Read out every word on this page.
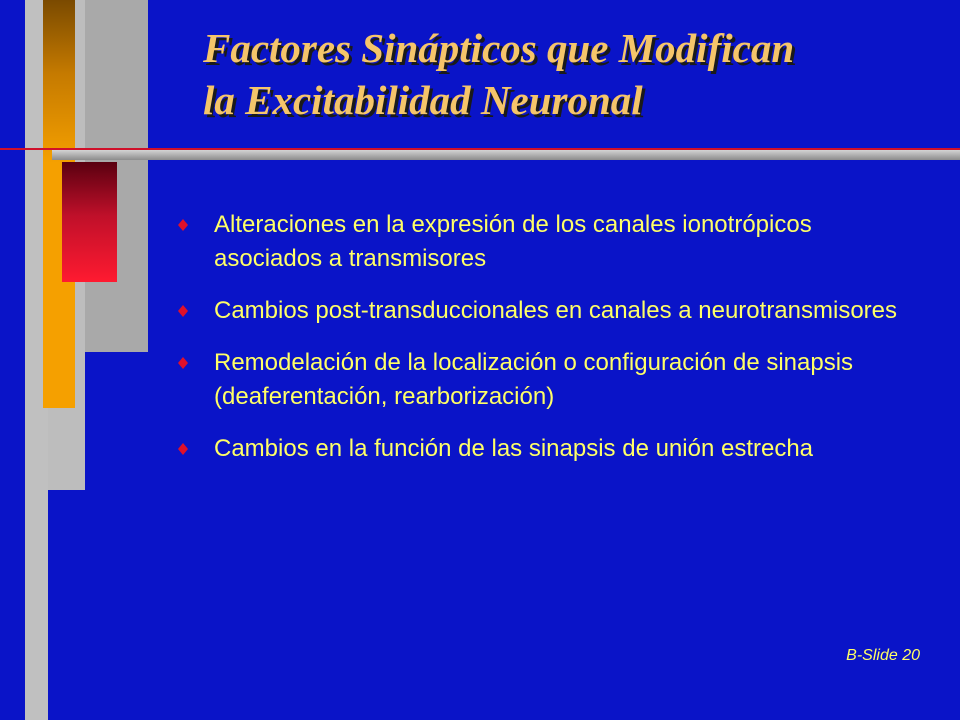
Factores Sinápticos que Modifican
la Excitabilidad Neuronal
Alteraciones en la expresión de los canales ionotrópicos asociados a transmisores
Cambios post-transduccionales en canales a neurotransmisores
Remodelación de la localización o configuración de sinapsis (deaferentación, rearborización)
Cambios en la función de las sinapsis de unión estrecha
B-Slide 20
